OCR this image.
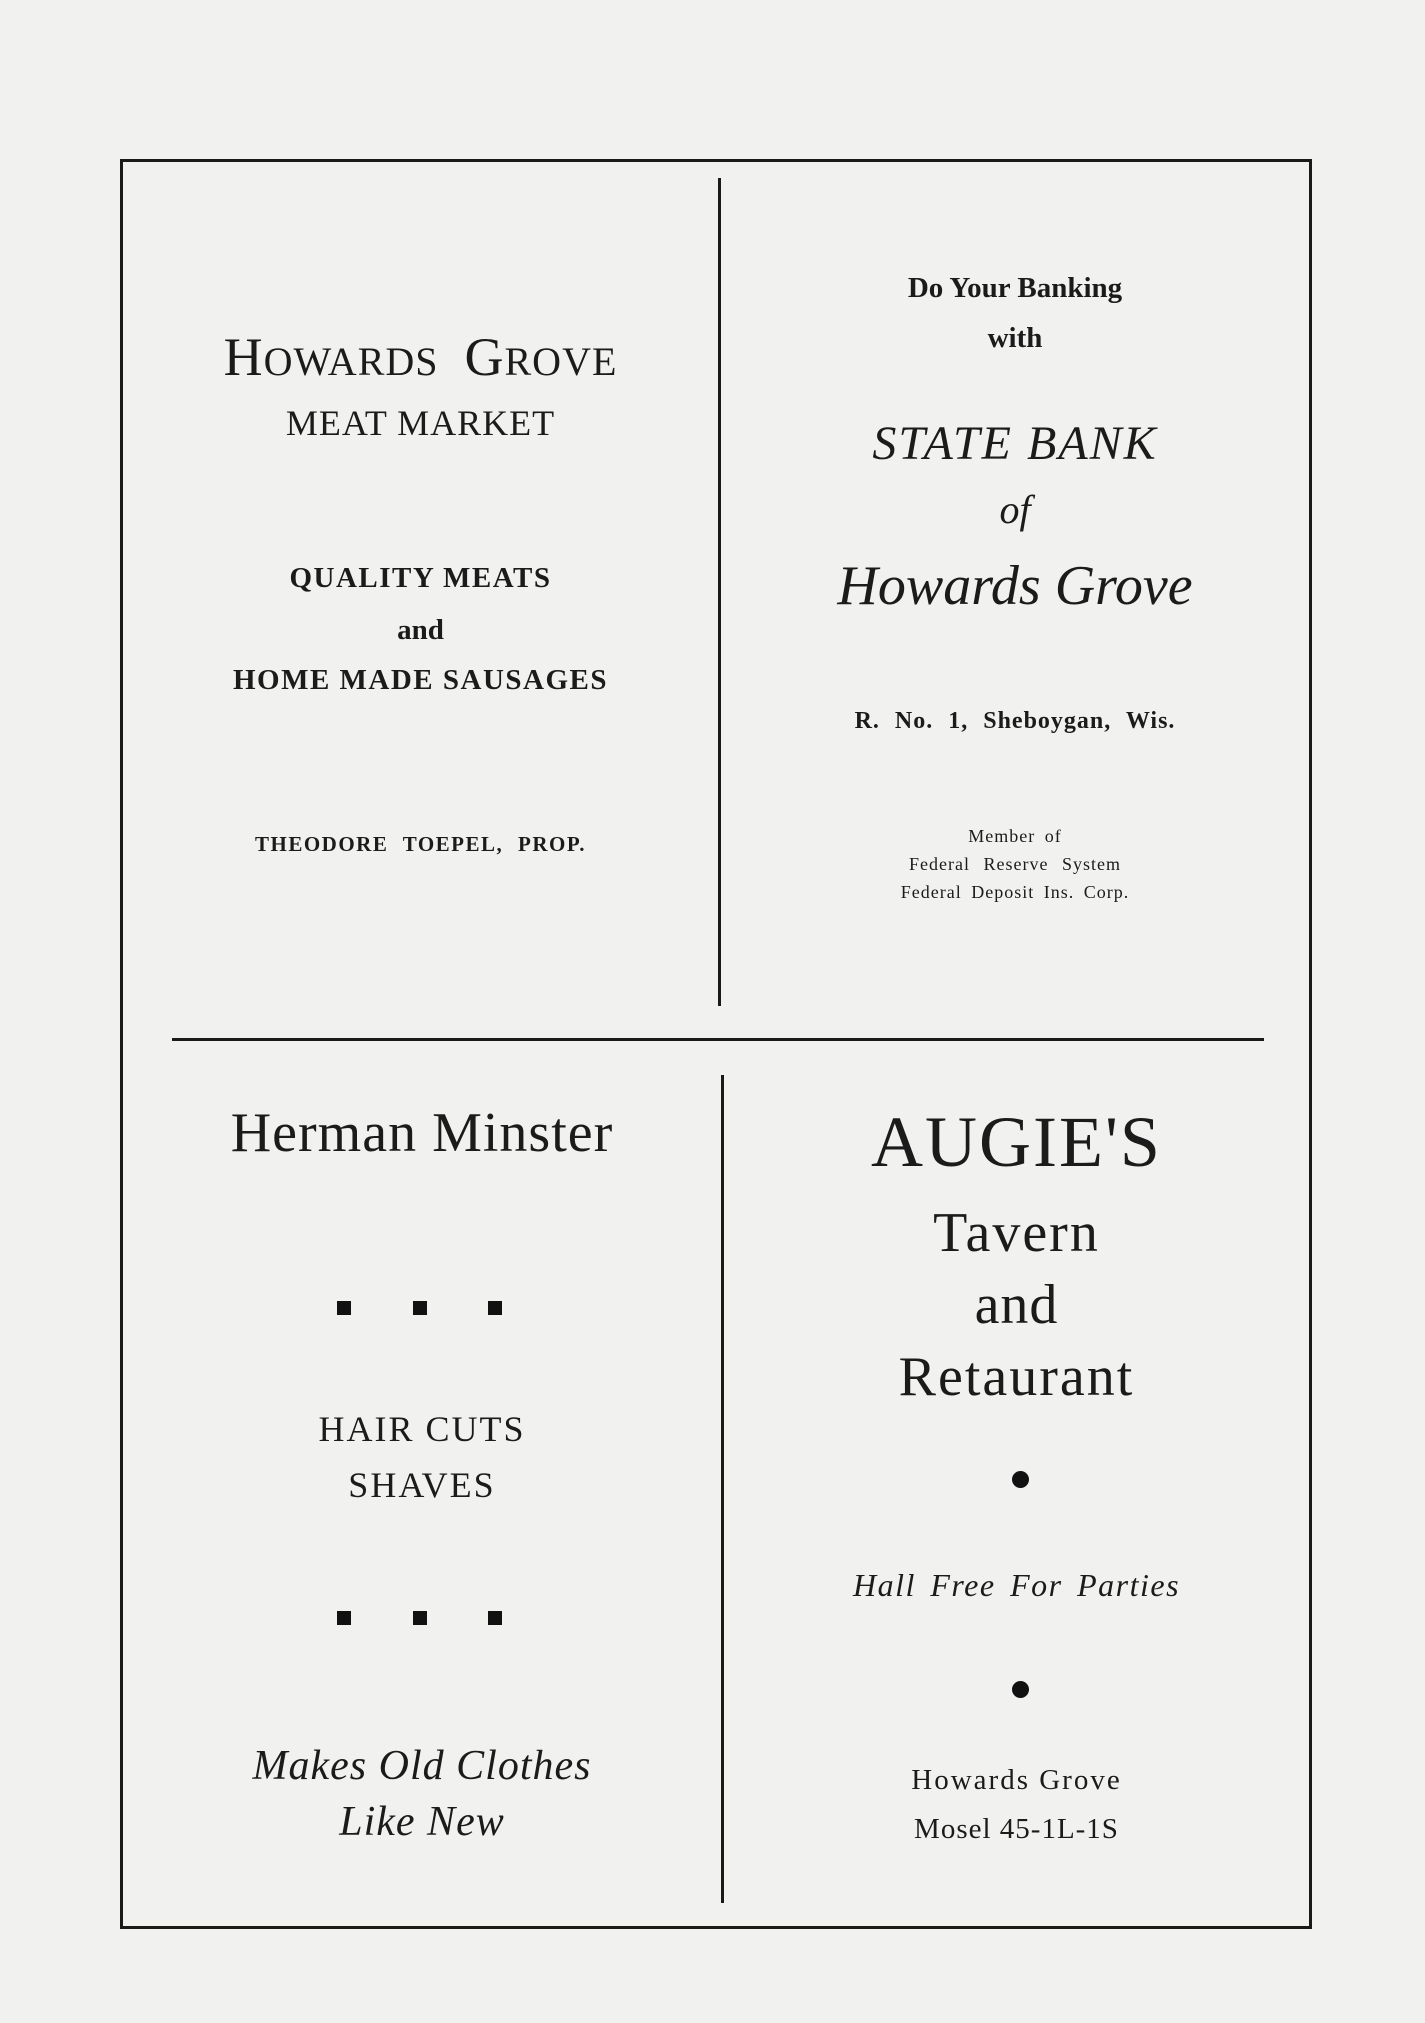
HOWARDS GROVE
MEAT MARKET
QUALITY MEATS
and
HOME MADE SAUSAGES
THEODORE TOEPEL, PROP.
Do Your Banking
with
STATE BANK
of
Howards Grove
R. No. 1, Sheboygan, Wis.
Member of
Federal Reserve System
Federal Deposit Ins. Corp.
Herman Minster
HAIR CUTS
SHAVES
Makes Old Clothes
Like New
AUGIE'S
Tavern
and
Retaurant
Hall Free For Parties
Howards Grove
Mosel 45-1L-1S
